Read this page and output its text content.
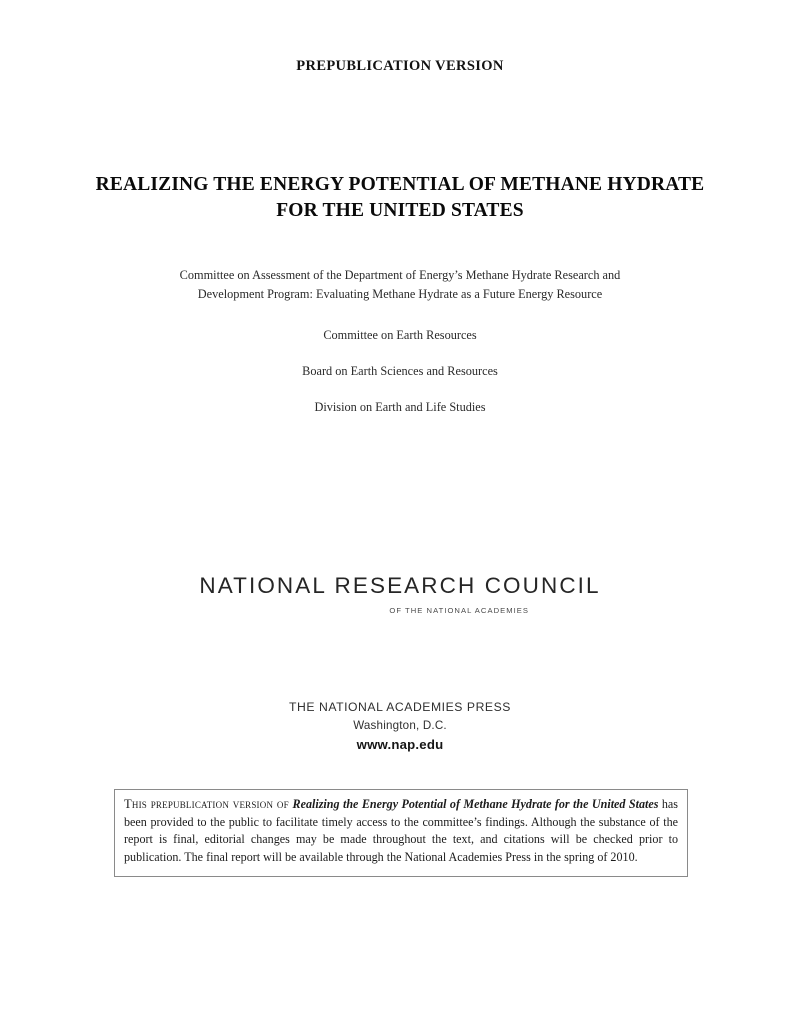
PREPUBLICATION VERSION
REALIZING THE ENERGY POTENTIAL OF METHANE HYDRATE
FOR THE UNITED STATES
Committee on Assessment of the Department of Energy’s Methane Hydrate Research and
Development Program: Evaluating Methane Hydrate as a Future Energy Resource
Committee on Earth Resources
Board on Earth Sciences and Resources
Division on Earth and Life Studies
NATIONAL RESEARCH COUNCIL
OF THE NATIONAL ACADEMIES
THE NATIONAL ACADEMIES PRESS
Washington, D.C.
www.nap.edu
This prepublication version of Realizing the Energy Potential of Methane Hydrate for the United States has been provided to the public to facilitate timely access to the committee’s findings. Although the substance of the report is final, editorial changes may be made throughout the text, and citations will be checked prior to publication. The final report will be available through the National Academies Press in the spring of 2010.
